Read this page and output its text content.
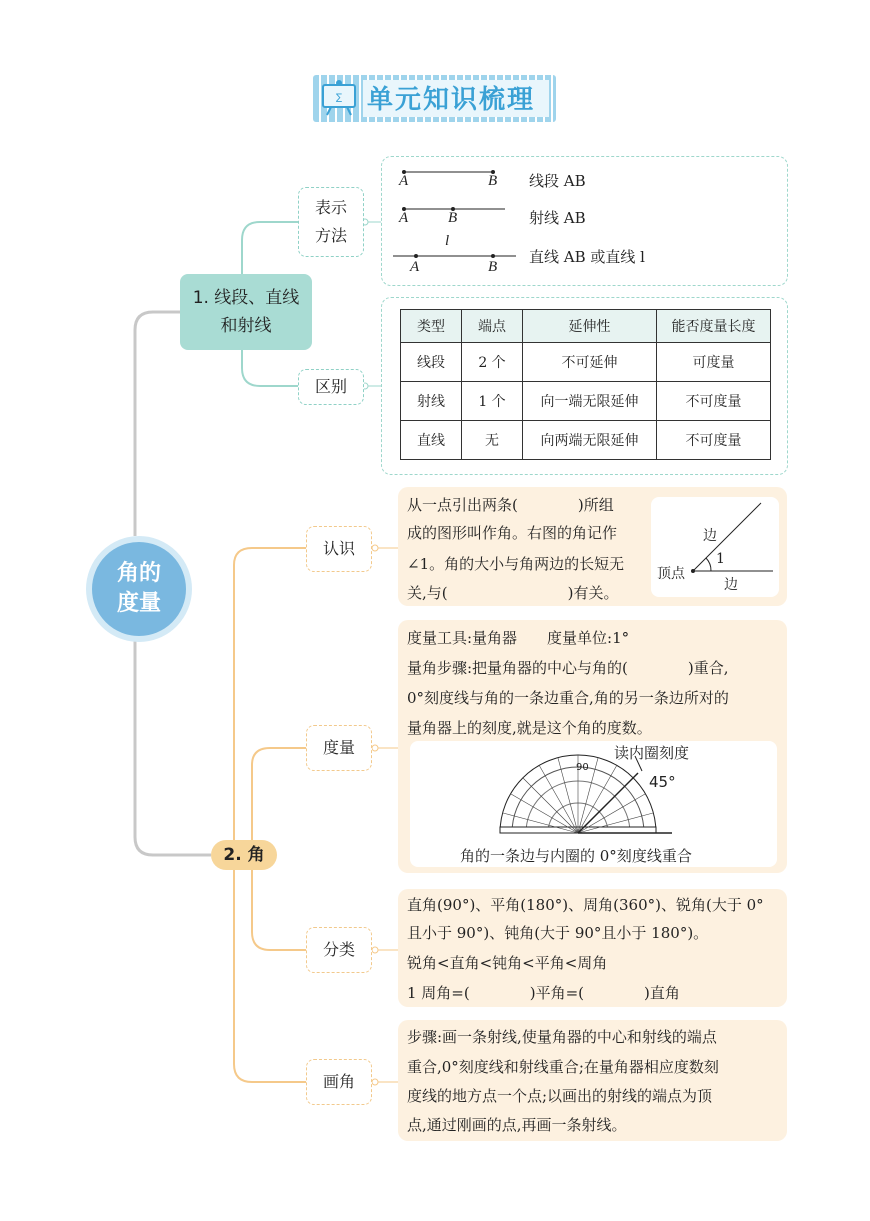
∑ 单元知识梳理
角的
度量
1. 线段、直线
和射线
2. 角
表示
方法
区别
认识
度量
分类
画角
A	B 线段 AB
A	B	射线 AB
l
A	B
直线 AB 或直线 l
类型	端点	延伸性	能否度量长度
线段	2 个	不可延伸	可度量
射线	1 个	向一端无限延伸	不可度量
直线	无	向两端无限延伸	不可度量
从一点引出两条(　　　　)所组
成的图形叫作角。右图的角记作
∠1。角的大小与角两边的长短无
关,与(　　　　　　　　)有关。
边
1
顶点
边
度量工具:量角器　　度量单位:1°
量角步骤:把量角器的中心与角的(　　　　)重合,
0°刻度线与角的一条边重合,角的另一条边所对的
量角器上的刻度,就是这个角的度数。
90
读内圈刻度
45°
角的一条边与内圈的 0°刻度线重合
直角(90°)、平角(180°)、周角(360°)、锐角(大于 0°
且小于 90°)、钝角(大于 90°且小于 180°)。
锐角<直角<钝角<平角<周角
1 周角=(　　　　)平角=(　　　　)直角
步骤:画一条射线,使量角器的中心和射线的端点
重合,0°刻度线和射线重合;在量角器相应度数刻
度线的地方点一个点;以画出的射线的端点为顶
点,通过刚画的点,再画一条射线。
